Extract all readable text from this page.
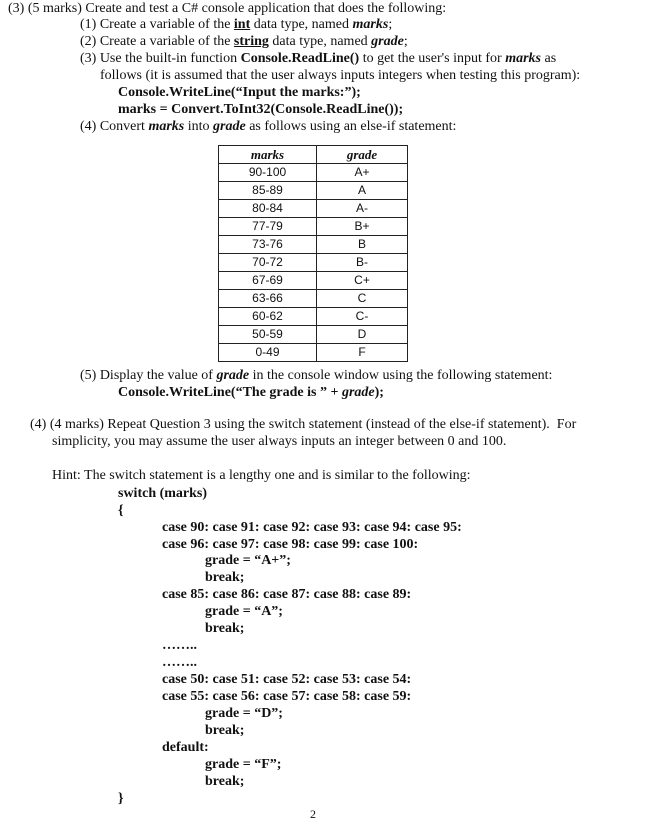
(3) (5 marks) Create and test a C# console application that does the following:
(1) Create a variable of the int data type, named marks;
(2) Create a variable of the string data type, named grade;
(3) Use the built-in function Console.ReadLine() to get the user's input for marks as
follows (it is assumed that the user always inputs integers when testing this program):
Console.WriteLine(“Input the marks:”);
marks = Convert.ToInt32(Console.ReadLine());
(4) Convert marks into grade as follows using an else-if statement:
marks	grade
90-100	A+
85-89	A
80-84	A-
77-79	B+
73-76	B
70-72	B-
67-69	C+
63-66	C
60-62	C-
50-59	D
0-49	F
(5) Display the value of grade in the console window using the following statement:
Console.WriteLine(“The grade is ” + grade);
(4) (4 marks) Repeat Question 3 using the switch statement (instead of the else-if statement).  For
simplicity, you may assume the user always inputs an integer between 0 and 100.
Hint: The switch statement is a lengthy one and is similar to the following:
switch (marks)
{
case 90: case 91: case 92: case 93: case 94: case 95:
case 96: case 97: case 98: case 99: case 100:
grade = “A+”;
break;
case 85: case 86: case 87: case 88: case 89:
grade = “A”;
break;
……..
……..
case 50: case 51: case 52: case 53: case 54:
case 55: case 56: case 57: case 58: case 59:
grade = “D”;
break;
default:
grade = “F”;
break;
}
2
